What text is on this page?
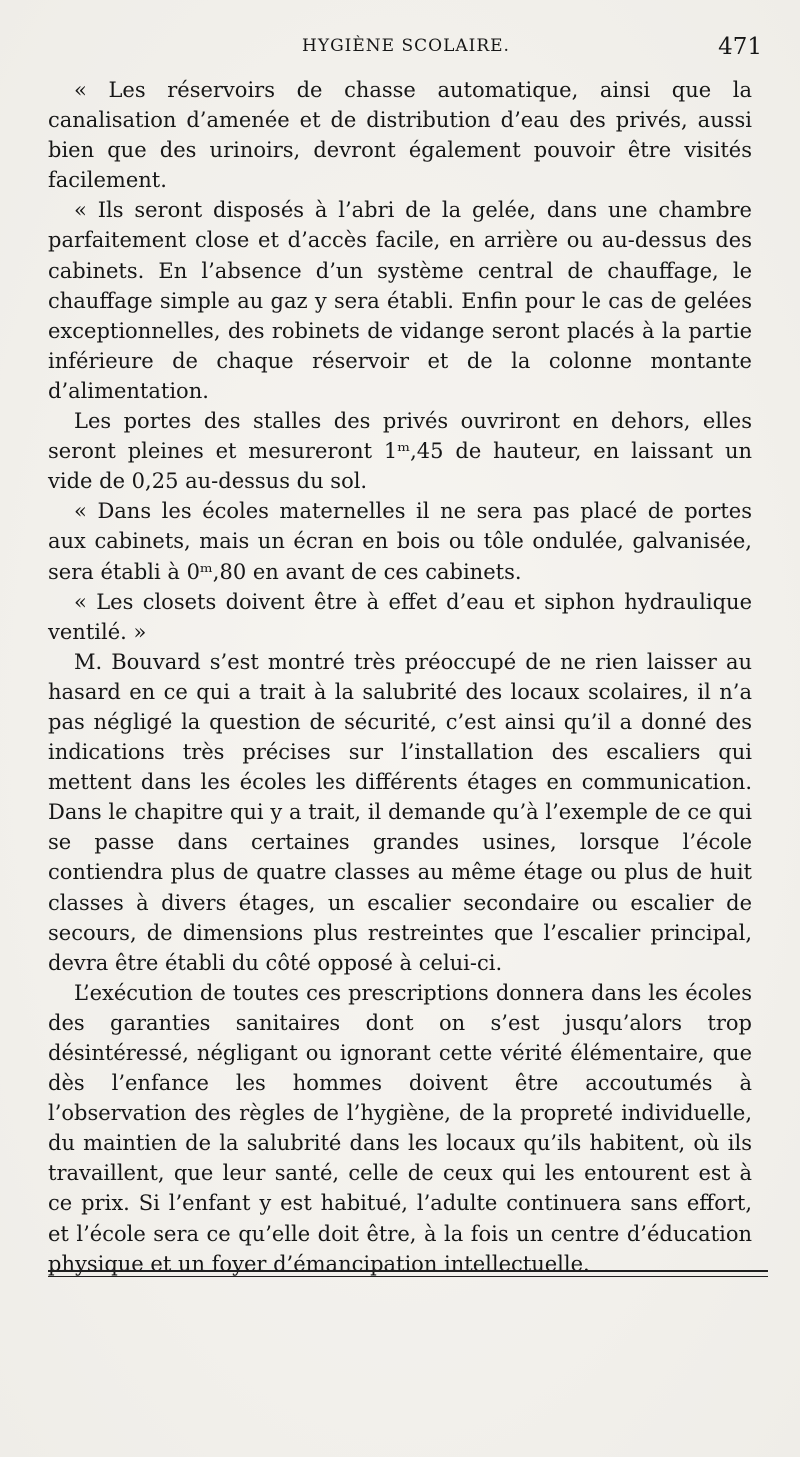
HYGIÈNE SCOLAIRE.	471

« Les réservoirs de chasse automatique, ainsi que la canalisation d’amenée et de distribution d’eau des privés, aussi bien que des urinoirs, devront également pouvoir être visités facilement.

« Ils seront disposés à l’abri de la gelée, dans une chambre parfaitement close et d’accès facile, en arrière ou au-dessus des cabinets. En l’absence d’un système central de chauffage, le chauffage simple au gaz y sera établi. Enfin pour le cas de gelées exceptionnelles, des robinets de vidange seront placés à la partie inférieure de chaque réservoir et de la colonne montante d’alimentation.

Les portes des stalles des privés ouvriront en dehors, elles seront pleines et mesureront 1ᵐ,45 de hauteur, en laissant un vide de 0,25 au-dessus du sol.

« Dans les écoles maternelles il ne sera pas placé de portes aux cabinets, mais un écran en bois ou tôle ondulée, galvanisée, sera établi à 0ᵐ,80 en avant de ces cabinets.

« Les closets doivent être à effet d’eau et siphon hydraulique ventilé. »

M. Bouvard s’est montré très préoccupé de ne rien laisser au hasard en ce qui a trait à la salubrité des locaux scolaires, il n’a pas négligé la question de sécurité, c’est ainsi qu’il a donné des indications très précises sur l’installation des escaliers qui mettent dans les écoles les différents étages en communication. Dans le chapitre qui y a trait, il demande qu’à l’exemple de ce qui se passe dans certaines grandes usines, lorsque l’école contiendra plus de quatre classes au même étage ou plus de huit classes à divers étages, un escalier secondaire ou escalier de secours, de dimensions plus restreintes que l’escalier principal, devra être établi du côté opposé à celui-ci.

L’exécution de toutes ces prescriptions donnera dans les écoles des garanties sanitaires dont on s’est jusqu’alors trop désintéressé, négligant ou ignorant cette vérité élémentaire, que dès l’enfance les hommes doivent être accoutumés à l’observation des règles de l’hygiène, de la propreté individuelle, du maintien de la salubrité dans les locaux qu’ils habitent, où ils travaillent, que leur santé, celle de ceux qui les entourent est à ce prix. Si l’enfant y est habitué, l’adulte continuera sans effort, et l’école sera ce qu’elle doit être, à la fois un centre d’éducation physique et un foyer d’émancipation intellectuelle.
